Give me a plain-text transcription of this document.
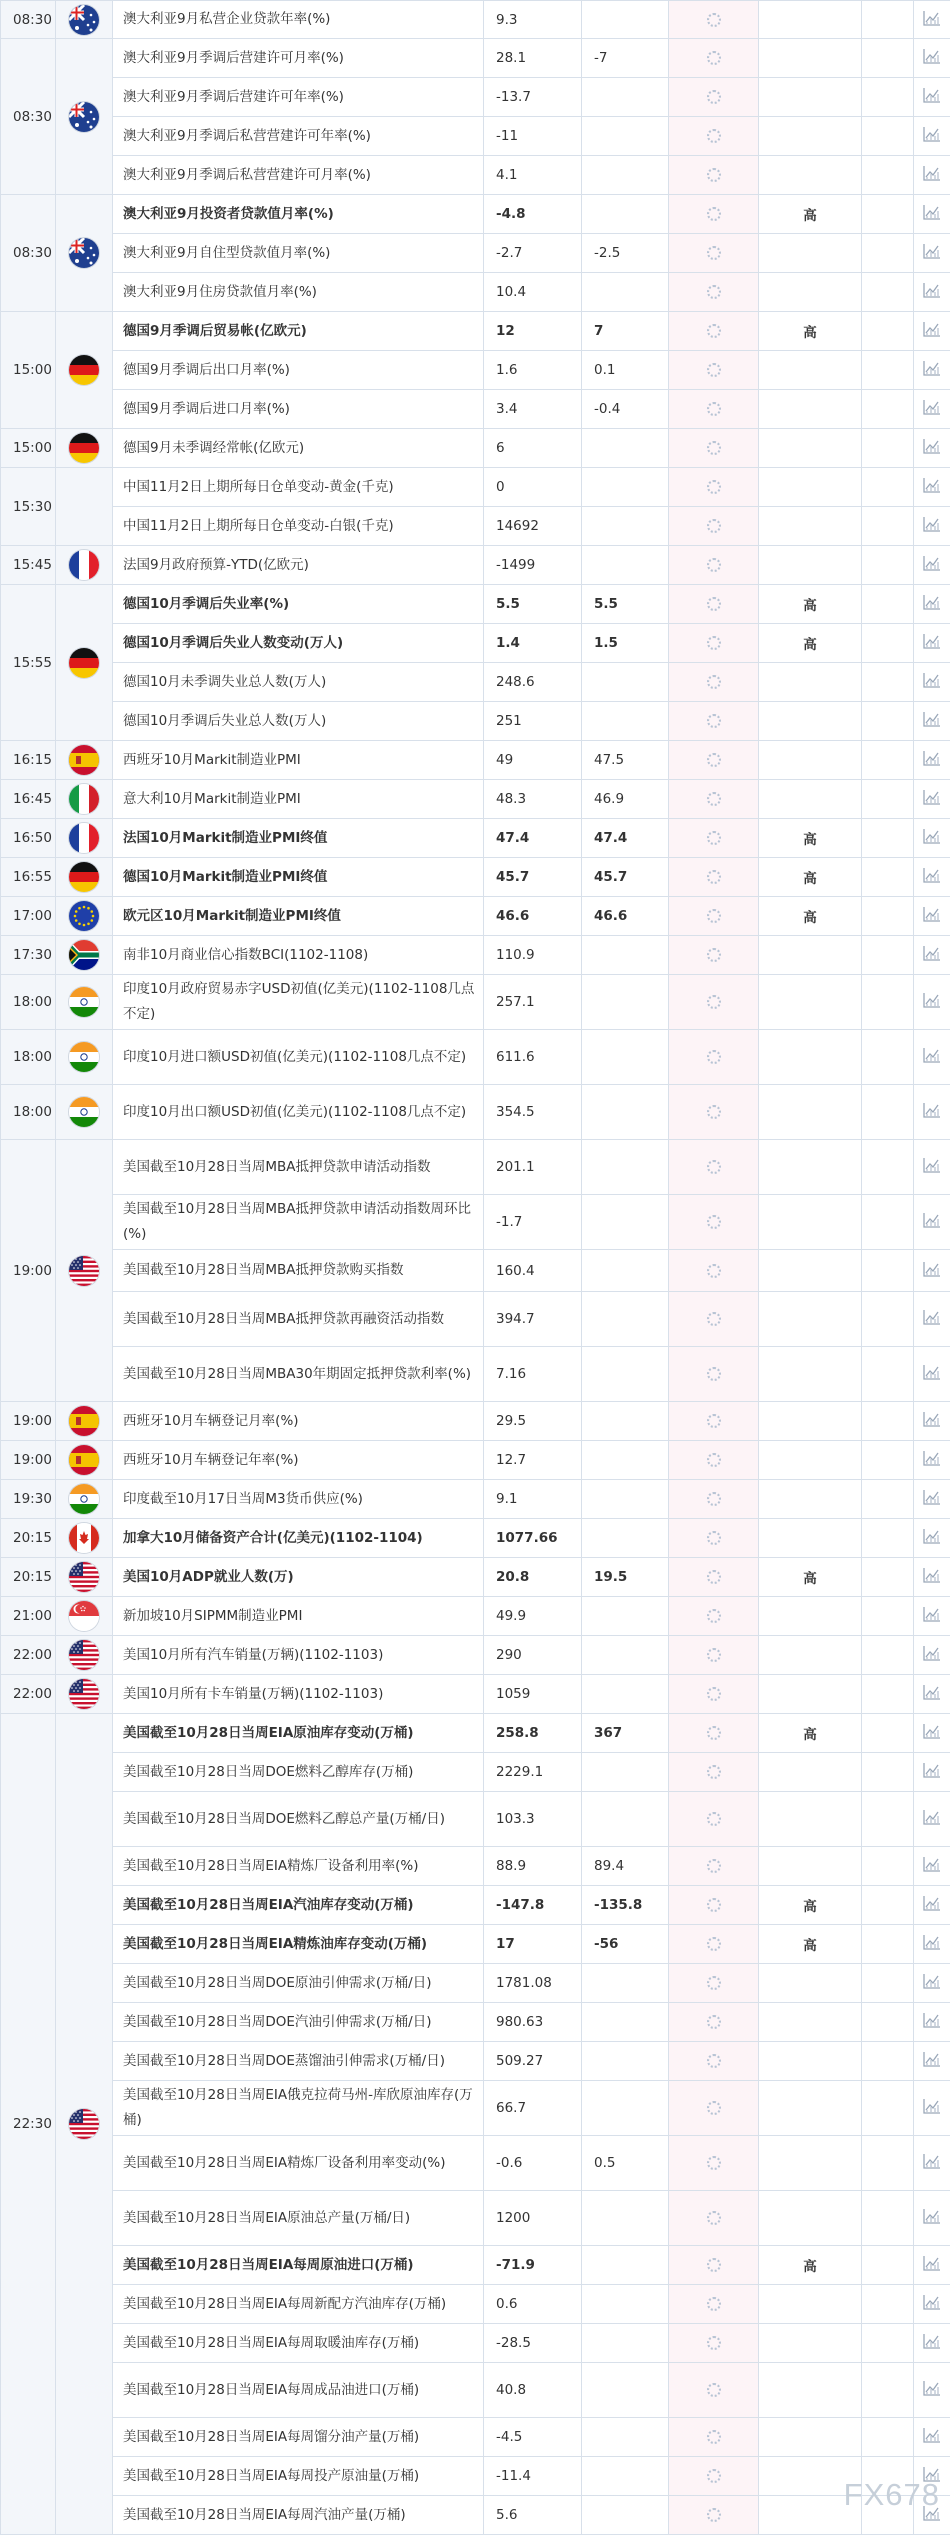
08:30		澳大利亚9月私营企业贷款年率(%)	9.3					
08:30		澳大利亚9月季调后营建许可月率(%)	28.1	-7				
		澳大利亚9月季调后营建许可年率(%)	-13.7					
		澳大利亚9月季调后私营营建许可年率(%)	-11					
		澳大利亚9月季调后私营营建许可月率(%)	4.1					
08:30		澳大利亚9月投资者贷款值月率(%)	-4.8			高		
		澳大利亚9月自住型贷款值月率(%)	-2.7	-2.5				
		澳大利亚9月住房贷款值月率(%)	10.4					
15:00		德国9月季调后贸易帐(亿欧元)	12	7		高		
		德国9月季调后出口月率(%)	1.6	0.1				
		德国9月季调后进口月率(%)	3.4	-0.4				
15:00		德国9月未季调经常帐(亿欧元)	6					
15:30		中国11月2日上期所每日仓单变动-黄金(千克)	0					
		中国11月2日上期所每日仓单变动-白银(千克)	14692					
15:45		法国9月政府预算-YTD(亿欧元)	-1499					
15:55		德国10月季调后失业率(%)	5.5	5.5		高		
		德国10月季调后失业人数变动(万人)	1.4	1.5		高		
		德国10月未季调失业总人数(万人)	248.6					
		德国10月季调后失业总人数(万人)	251					
16:15		西班牙10月Markit制造业PMI	49	47.5				
16:45		意大利10月Markit制造业PMI	48.3	46.9				
16:50		法国10月Markit制造业PMI终值	47.4	47.4		高		
16:55		德国10月Markit制造业PMI终值	45.7	45.7		高		
17:00		欧元区10月Markit制造业PMI终值	46.6	46.6		高		
17:30		南非10月商业信心指数BCI(1102-1108)	110.9					
18:00		印度10月政府贸易赤字USD初值(亿美元)(1102-1108几点不定)	257.1					
18:00		印度10月进口额USD初值(亿美元)(1102-1108几点不定)	611.6					
18:00		印度10月出口额USD初值(亿美元)(1102-1108几点不定)	354.5					
19:00		美国截至10月28日当周MBA抵押贷款申请活动指数	201.1					
		美国截至10月28日当周MBA抵押贷款申请活动指数周环比(%)	-1.7					
		美国截至10月28日当周MBA抵押贷款购买指数	160.4					
		美国截至10月28日当周MBA抵押贷款再融资活动指数	394.7					
		美国截至10月28日当周MBA30年期固定抵押贷款利率(%)	7.16					
19:00		西班牙10月车辆登记月率(%)	29.5					
19:00		西班牙10月车辆登记年率(%)	12.7					
19:30		印度截至10月17日当周M3货币供应(%)	9.1					
20:15		加拿大10月储备资产合计(亿美元)(1102-1104)	1077.66					
20:15		美国10月ADP就业人数(万)	20.8	19.5		高		
21:00		新加坡10月SIPMM制造业PMI	49.9					
22:00		美国10月所有汽车销量(万辆)(1102-1103)	290					
22:00		美国10月所有卡车销量(万辆)(1102-1103)	1059					
22:30		美国截至10月28日当周EIA原油库存变动(万桶)	258.8	367		高		
		美国截至10月28日当周DOE燃料乙醇库存(万桶)	2229.1					
		美国截至10月28日当周DOE燃料乙醇总产量(万桶/日)	103.3					
		美国截至10月28日当周EIA精炼厂设备利用率(%)	88.9	89.4				
		美国截至10月28日当周EIA汽油库存变动(万桶)	-147.8	-135.8		高		
		美国截至10月28日当周EIA精炼油库存变动(万桶)	17	-56		高		
		美国截至10月28日当周DOE原油引伸需求(万桶/日)	1781.08					
		美国截至10月28日当周DOE汽油引伸需求(万桶/日)	980.63					
		美国截至10月28日当周DOE蒸馏油引伸需求(万桶/日)	509.27					
		美国截至10月28日当周EIA俄克拉荷马州-库欣原油库存(万桶)	66.7					
		美国截至10月28日当周EIA精炼厂设备利用率变动(%)	-0.6	0.5				
		美国截至10月28日当周EIA原油总产量(万桶/日)	1200					
		美国截至10月28日当周EIA每周原油进口(万桶)	-71.9			高		
		美国截至10月28日当周EIA每周新配方汽油库存(万桶)	0.6					
		美国截至10月28日当周EIA每周取暖油库存(万桶)	-28.5					
		美国截至10月28日当周EIA每周成品油进口(万桶)	40.8					
		美国截至10月28日当周EIA每周馏分油产量(万桶)	-4.5					
		美国截至10月28日当周EIA每周投产原油量(万桶)	-11.4					
		美国截至10月28日当周EIA每周汽油产量(万桶)	5.6					
FX678
